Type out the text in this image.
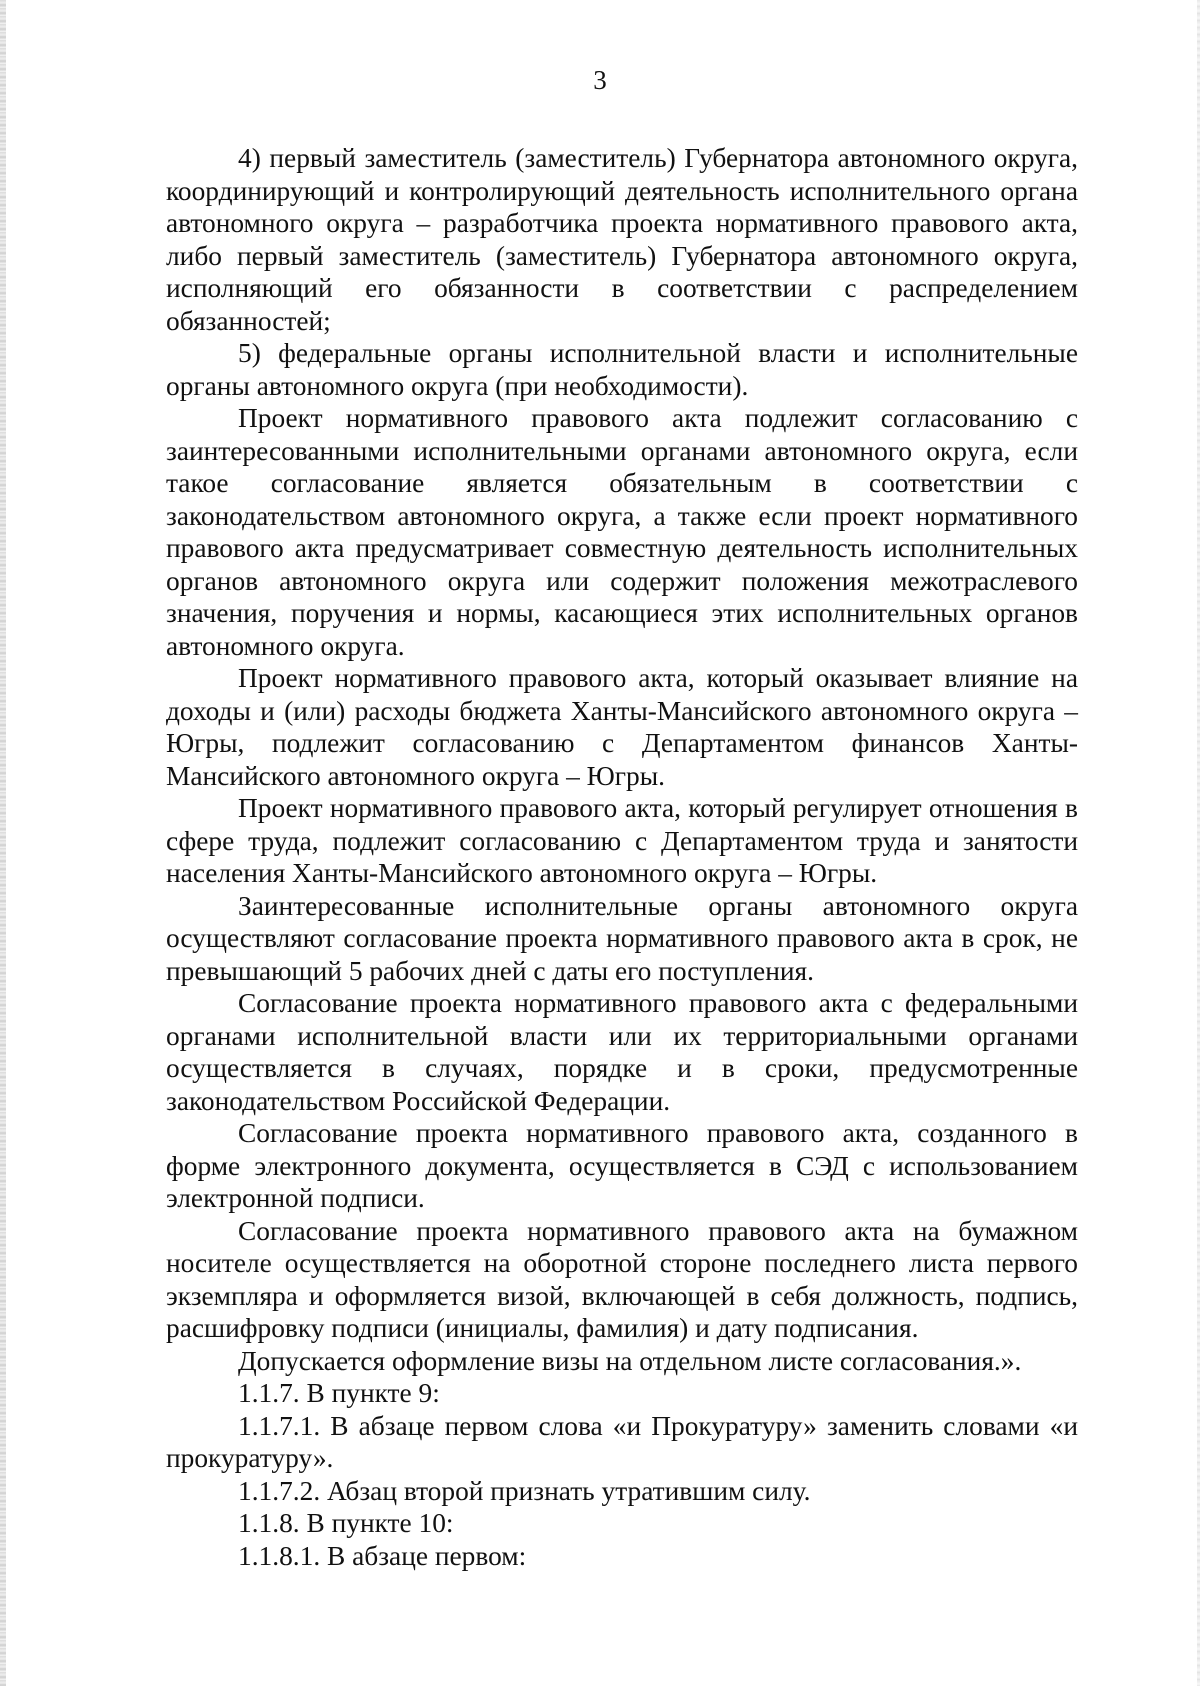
3

4) первый заместитель (заместитель) Губернатора автономного округа, координирующий и контролирующий деятельность исполнительного органа автономного округа – разработчика проекта нормативного правового акта, либо первый заместитель (заместитель) Губернатора автономного округа, исполняющий его обязанности в соответствии с распределением обязанностей;

5) федеральные органы исполнительной власти и исполнительные органы автономного округа (при необходимости).

Проект нормативного правового акта подлежит согласованию с заинтересованными исполнительными органами автономного округа, если такое согласование является обязательным в соответствии с законодательством автономного округа, а также если проект нормативного правового акта предусматривает совместную деятельность исполнительных органов автономного округа или содержит положения межотраслевого значения, поручения и нормы, касающиеся этих исполнительных органов автономного округа.

Проект нормативного правового акта, который оказывает влияние на доходы и (или) расходы бюджета Ханты-Мансийского автономного округа – Югры, подлежит согласованию с Департаментом финансов Ханты-Мансийского автономного округа – Югры.

Проект нормативного правового акта, который регулирует отношения в сфере труда, подлежит согласованию с Департаментом труда и занятости населения Ханты-Мансийского автономного округа – Югры.

Заинтересованные исполнительные органы автономного округа осуществляют согласование проекта нормативного правового акта в срок, не превышающий 5 рабочих дней с даты его поступления.

Согласование проекта нормативного правового акта с федеральными органами исполнительной власти или их территориальными органами осуществляется в случаях, порядке и в сроки, предусмотренные законодательством Российской Федерации.

Согласование проекта нормативного правового акта, созданного в форме электронного документа, осуществляется в СЭД с использованием электронной подписи.

Согласование проекта нормативного правового акта на бумажном носителе осуществляется на оборотной стороне последнего листа первого экземпляра и оформляется визой, включающей в себя должность, подпись, расшифровку подписи (инициалы, фамилия) и дату подписания.

Допускается оформление визы на отдельном листе согласования.».

1.1.7. В пункте 9:

1.1.7.1. В абзаце первом слова «и Прокуратуру» заменить словами «и прокуратуру».

1.1.7.2. Абзац второй признать утратившим силу.

1.1.8. В пункте 10:

1.1.8.1. В абзаце первом:
